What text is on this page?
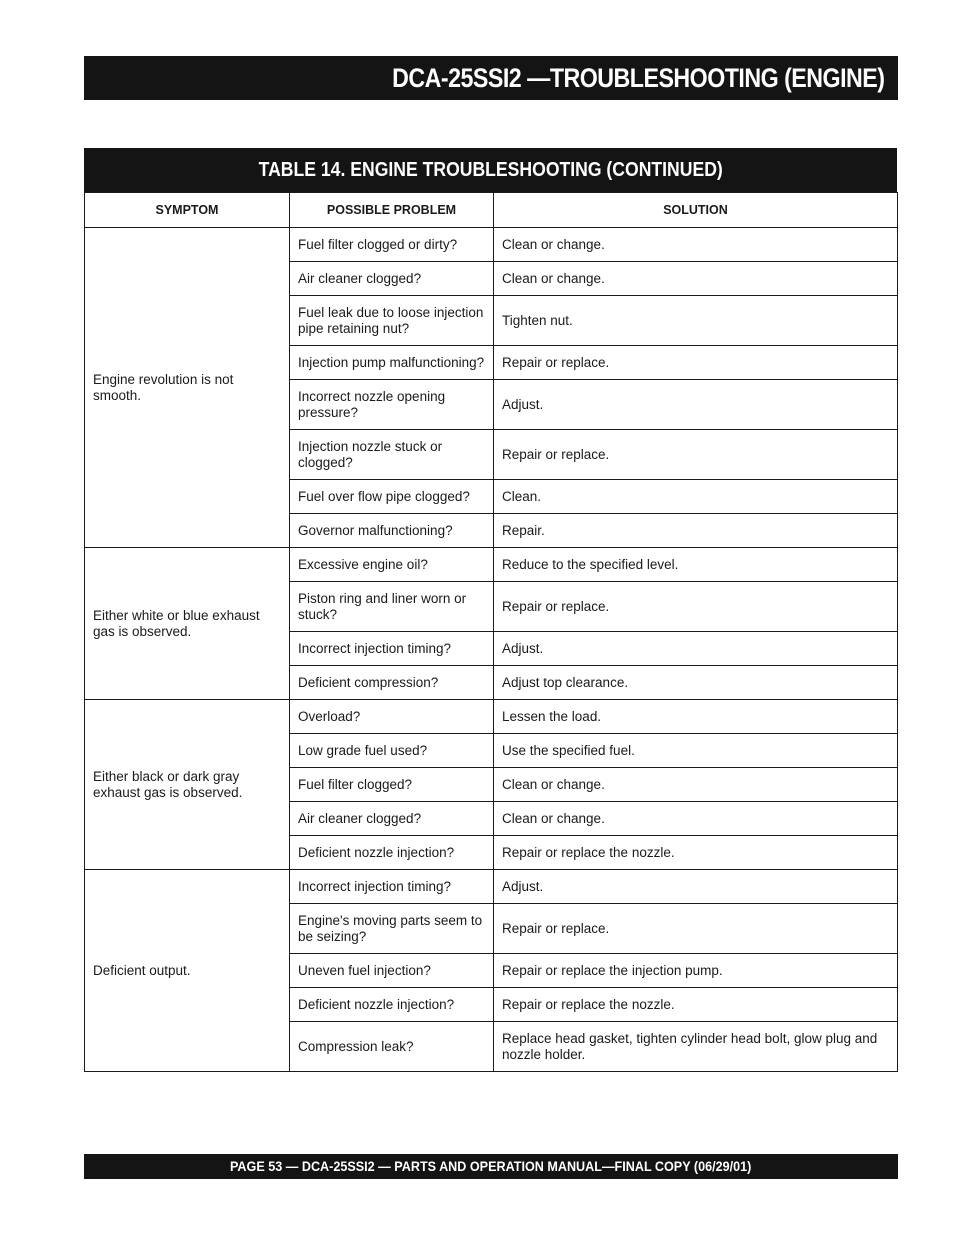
DCA-25SSI2 —TROUBLESHOOTING (ENGINE)
TABLE 14. ENGINE TROUBLESHOOTING (CONTINUED)
SYMPTOM	POSSIBLE PROBLEM	SOLUTION
Engine revolution is not smooth.	Fuel filter clogged or dirty?	Clean or change.
	Air cleaner clogged?	Clean or change.
	Fuel leak due to loose injection pipe retaining nut?	Tighten nut.
	Injection pump malfunctioning?	Repair or replace.
	Incorrect nozzle opening pressure?	Adjust.
	Injection nozzle stuck or clogged?	Repair or replace.
	Fuel over flow pipe clogged?	Clean.
	Governor malfunctioning?	Repair.
Either white or blue exhaust gas is observed.	Excessive engine oil?	Reduce to the specified level.
	Piston ring and liner worn or stuck?	Repair or replace.
	Incorrect injection timing?	Adjust.
	Deficient compression?	Adjust top clearance.
Either black or dark gray exhaust gas is observed.	Overload?	Lessen the load.
	Low grade fuel used?	Use the specified fuel.
	Fuel filter clogged?	Clean or change.
	Air cleaner clogged?	Clean or change.
	Deficient nozzle injection?	Repair or replace the nozzle.
Deficient output.	Incorrect injection timing?	Adjust.
	Engine's moving parts seem to be seizing?	Repair or replace.
	Uneven fuel injection?	Repair or replace the injection pump.
	Deficient nozzle injection?	Repair or replace the nozzle.
	Compression leak?	Replace head gasket, tighten cylinder head bolt, glow plug and nozzle holder.
PAGE 53 — DCA-25SSI2 — PARTS AND OPERATION MANUAL—FINAL COPY (06/29/01)
